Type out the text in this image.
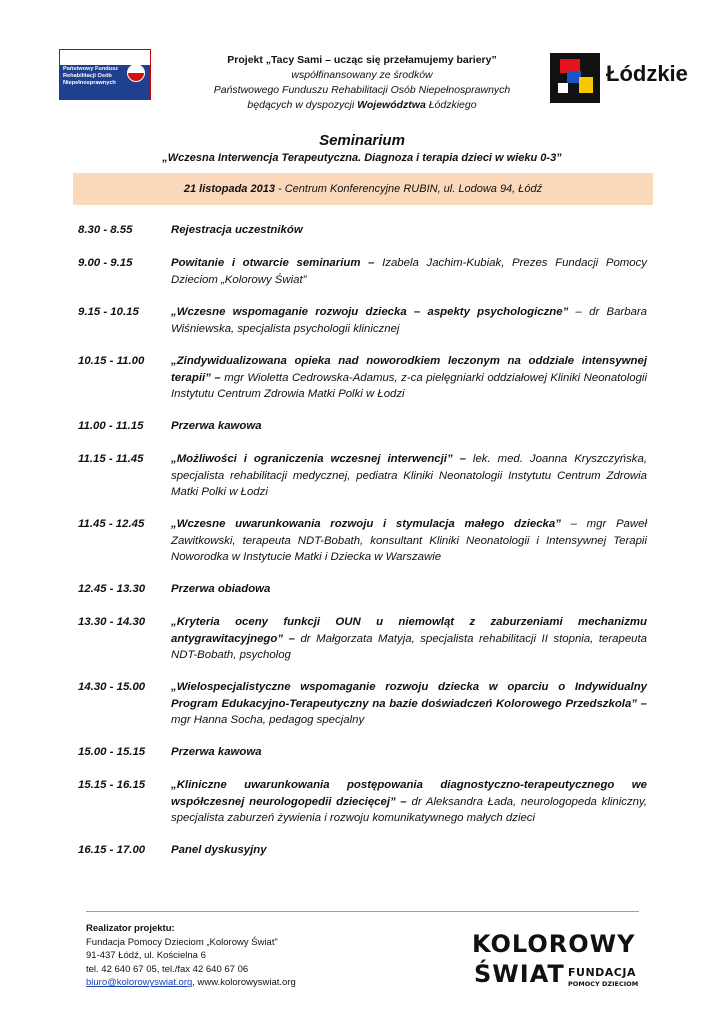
Państwowy Fundusz
Rehabilitacji Osób
Niepełnosprawnych
Projekt „Tacy Sami – ucząc się przełamujemy bariery”
współfinansowany ze środków
Państwowego Funduszu Rehabilitacji Osób Niepełnosprawnych
będących w dyspozycji Województwa Łódzkiego
Łódzkie
Seminarium
„Wczesna Interwencja Terapeutyczna. Diagnoza i terapia dzieci w wieku 0-3”
21 listopada 2013 - Centrum Konferencyjne RUBIN, ul. Lodowa 94, Łódź
8.30 - 8.55	Rejestracja uczestników
9.00 - 9.15	Powitanie i otwarcie seminarium – Izabela Jachim-Kubiak, Prezes Fundacji Pomocy Dzieciom „Kolorowy Świat”
9.15 - 10.15	„Wczesne wspomaganie rozwoju dziecka – aspekty psychologiczne” – dr Barbara Wiśniewska, specjalista psychologii klinicznej
10.15 - 11.00	„Zindywidualizowana opieka nad noworodkiem leczonym na oddziale intensywnej terapii” – mgr Wioletta Cedrowska-Adamus, z-ca pielęgniarki oddziałowej Kliniki Neonatologii Instytutu Centrum Zdrowia Matki Polki w Łodzi
11.00 - 11.15	Przerwa kawowa
11.15 - 11.45	„Możliwości i ograniczenia wczesnej interwencji” – lek. med. Joanna Kryszczyńska, specjalista rehabilitacji medycznej, pediatra Kliniki Neonatologii Instytutu Centrum Zdrowia Matki Polki w Łodzi
11.45 - 12.45	„Wczesne uwarunkowania rozwoju i stymulacja małego dziecka” – mgr Paweł Zawitkowski, terapeuta NDT-Bobath, konsultant Kliniki Neonatologii i Intensywnej Terapii Noworodka w Instytucie Matki i Dziecka w Warszawie
12.45 - 13.30	Przerwa obiadowa
13.30 - 14.30	„Kryteria oceny funkcji OUN u niemowląt z zaburzeniami mechanizmu antygrawitacyjnego” – dr Małgorzata Matyja, specjalista rehabilitacji II stopnia, terapeuta NDT-Bobath, psycholog
14.30 - 15.00	„Wielospecjalistyczne wspomaganie rozwoju dziecka w oparciu o Indywidualny Program Edukacyjno-Terapeutyczny na bazie doświadczeń Kolorowego Przedszkola” – mgr Hanna Socha, pedagog specjalny
15.00 - 15.15	Przerwa kawowa
15.15 - 16.15	„Kliniczne uwarunkowania postępowania diagnostyczno-terapeutycznego we współczesnej neurologopedii dziecięcej” – dr Aleksandra Łada, neurologopeda kliniczny, specjalista zaburzeń żywienia i rozwoju komunikatywnego małych dzieci
16.15 - 17.00	Panel dyskusyjny
Realizator projektu:
Fundacja Pomocy Dzieciom „Kolorowy Świat”
91-437 Łódź, ul. Kościelna 6
tel. 42 640 67 05, tel./fax 42 640 67 06
biuro@kolorowyswiat.org, www.kolorowyswiat.org
KOLOROWY
ŚWIAT FUNDACJA
POMOCY DZIECIOM
